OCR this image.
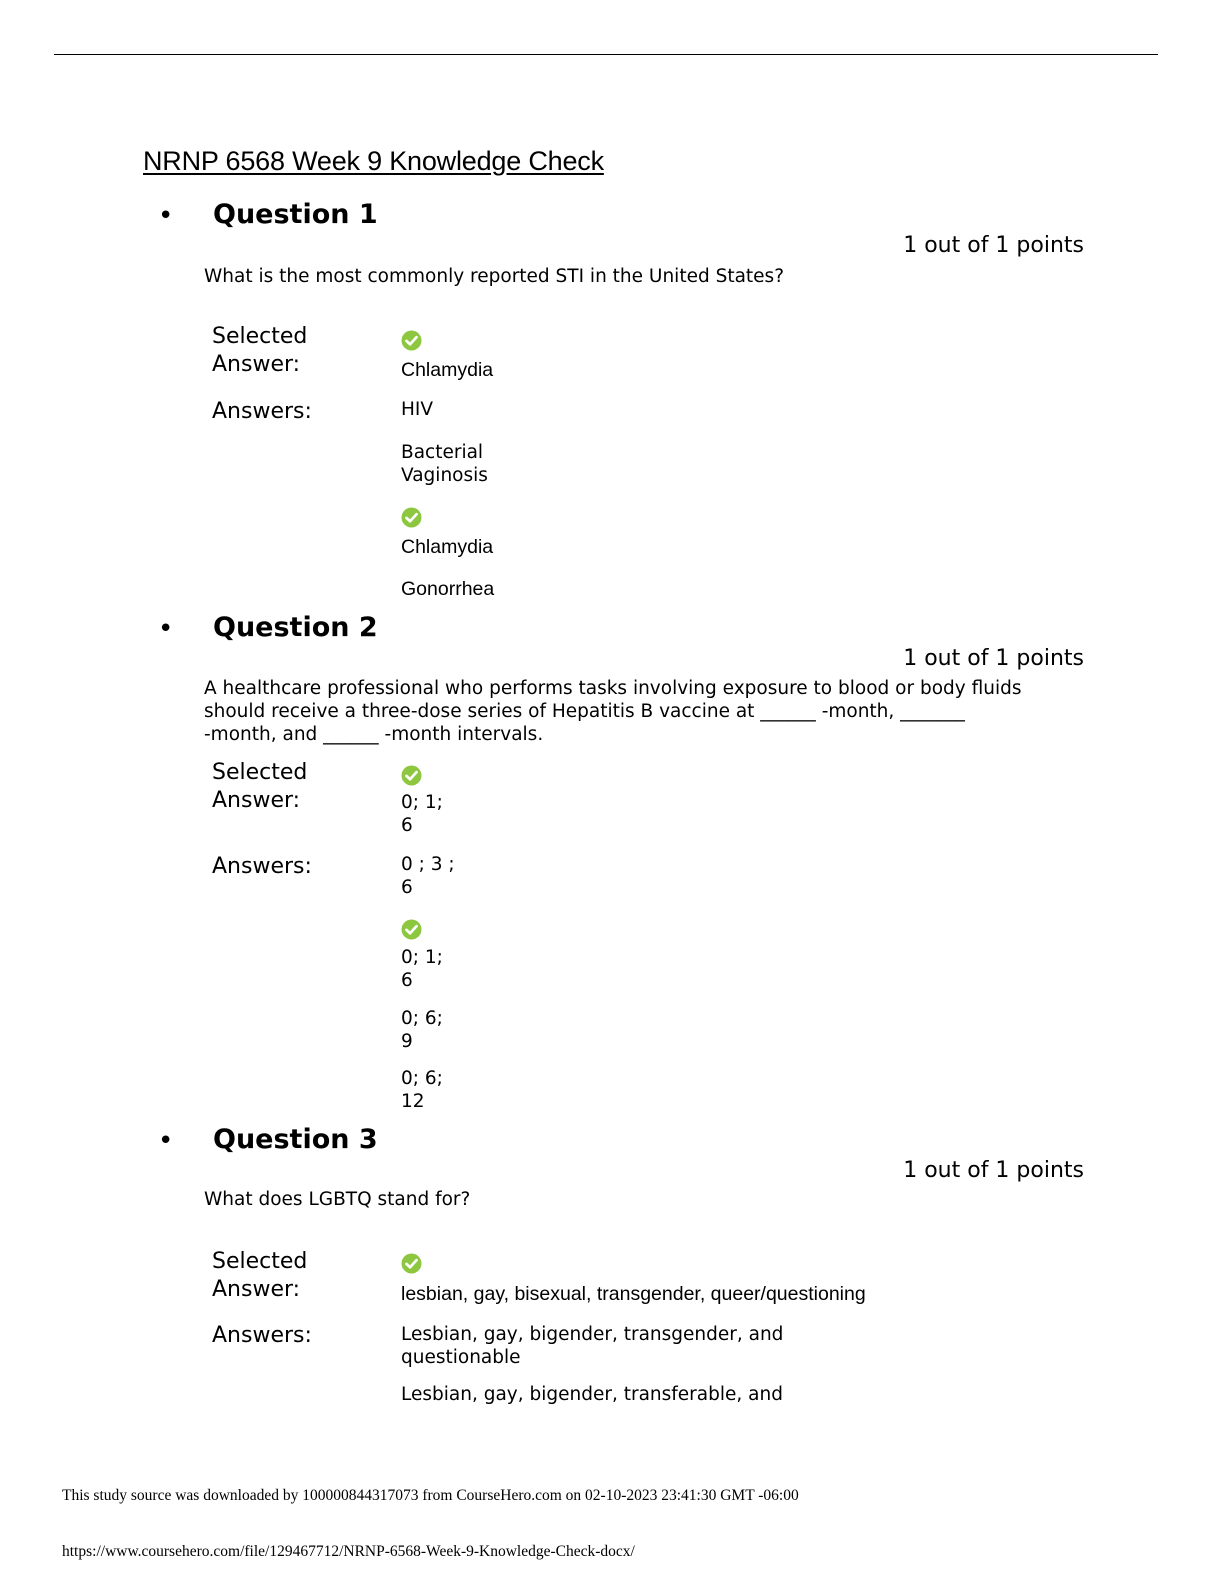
NRNP 6568 Week 9 Knowledge Check
• Question 1
1 out of 1 points

What is the most commonly reported STI in the United States?

Selected
Answer:	Chlamydia
Answers:	HIV
Bacterial
Vaginosis
Chlamydia
Gonorrhea
• Question 2
1 out of 1 points
A healthcare professional who performs tasks involving exposure to blood or body fluids
should receive a three-dose series of Hepatitis B vaccine at ______ -month, _______
-month, and ______ -month intervals.
Selected
Answer:	0; 1;
6
Answers:	0 ; 3 ;
6
0; 1;
6
0; 6;
9
0; 6;
12
• Question 3
1 out of 1 points

What does LGBTQ stand for?

Selected
Answer:	lesbian, gay, bisexual, transgender, queer/questioning
Answers:	Lesbian, gay, bigender, transgender, and
questionable
Lesbian, gay, bigender, transferable, and
This study source was downloaded by 100000844317073 from CourseHero.com on 02-10-2023 23:41:30 GMT -06:00
https://www.coursehero.com/file/129467712/NRNP-6568-Week-9-Knowledge-Check-docx/
